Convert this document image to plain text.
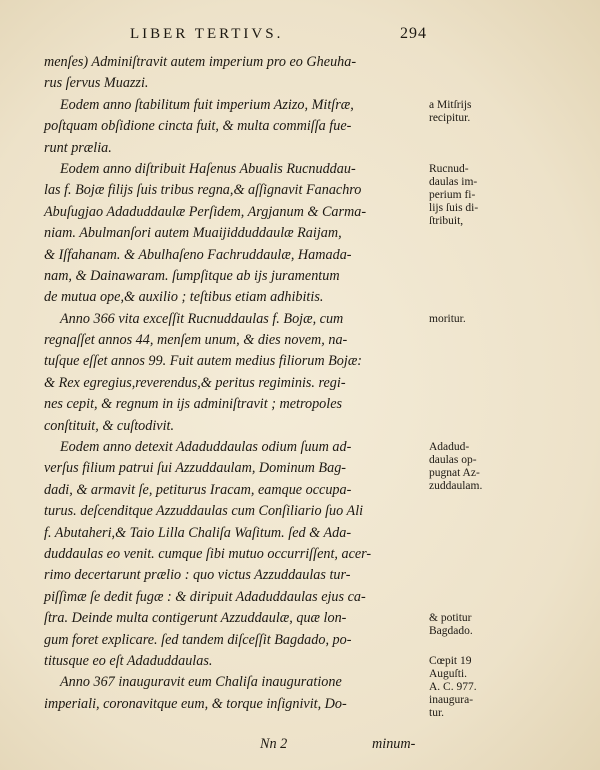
LIBER TERTIVS.	294
menſes) Adminiſtravit autem imperium pro eo Gheuha-
rus ſervus Muazzi.
Eodem anno ſtabilitum fuit imperium Azizo, Mitſræ,
poſtquam obſidione cincta fuit, & multa commiſſa fue-
runt prælia.
Eodem anno diſtribuit Haſenus Abualis Rucnuddau-
las f. Bojæ filijs ſuis tribus regna,& aſſignavit Fanachro
Abuſugjao Adaduddaulæ Perſidem, Argjanum & Carma-
niam. Abulmanſori autem Muaijidduddaulæ Raijam,
& Iſfahanam. & Abulhaſeno Fachruddaulæ, Hamada-
nam, & Dainawaram. ſumpſitque ab ijs juramentum
de mutua ope,& auxilio ; teſtibus etiam adhibitis.
Anno 366 vita exceſſit Rucnuddaulas f. Bojæ, cum
regnaſſet annos 44, menſem unum, & dies novem, na-
tuſque eſſet annos 99. Fuit autem medius filiorum Bojæ:
& Rex egregius,reverendus,& peritus regiminis. regi-
nes cepit, & regnum in ijs adminiſtravit ; metropoles
conſtituit, & cuſtodivit.
Eodem anno detexit Adaduddaulas odium ſuum ad-
verſus filium patrui ſui Azzuddaulam, Dominum Bag-
dadi, & armavit ſe, petiturus Iracam, eamque occupa-
turus. deſcenditque Azzuddaulas cum Conſiliario ſuo Ali
f. Abutaheri,& Taio Lilla Chaliſa Waſitum. ſed & Ada-
duddaulas eo venit. cumque ſibi mutuo occurriſſent, acer-
rimo decertarunt prælio : quo victus Azzuddaulas tur-
piſſimæ ſe dedit fugæ : & diripuit Adaduddaulas ejus ca-
ſtra. Deinde multa contigerunt Azzuddaulæ, quæ lon-
gum foret explicare. ſed tandem diſceſſit Bagdado, po-
titusque eo eſt Adaduddaulas.
Anno 367 inauguravit eum Chaliſa inauguratione
imperiali, coronavitque eum, & torque inſignivit, Do-
a Mitſrijs
recipitur.
Rucnud-
daulas im-
perium fi-
lijs ſuis di-
ſtribuit,
moritur.
Adadud-
daulas op-
pugnat Az-
zuddaulam.
& potitur
Bagdado.
Cœpit 19
Auguſti.
A. C. 977.
inaugura-
tur.
Nn 2	minum-
